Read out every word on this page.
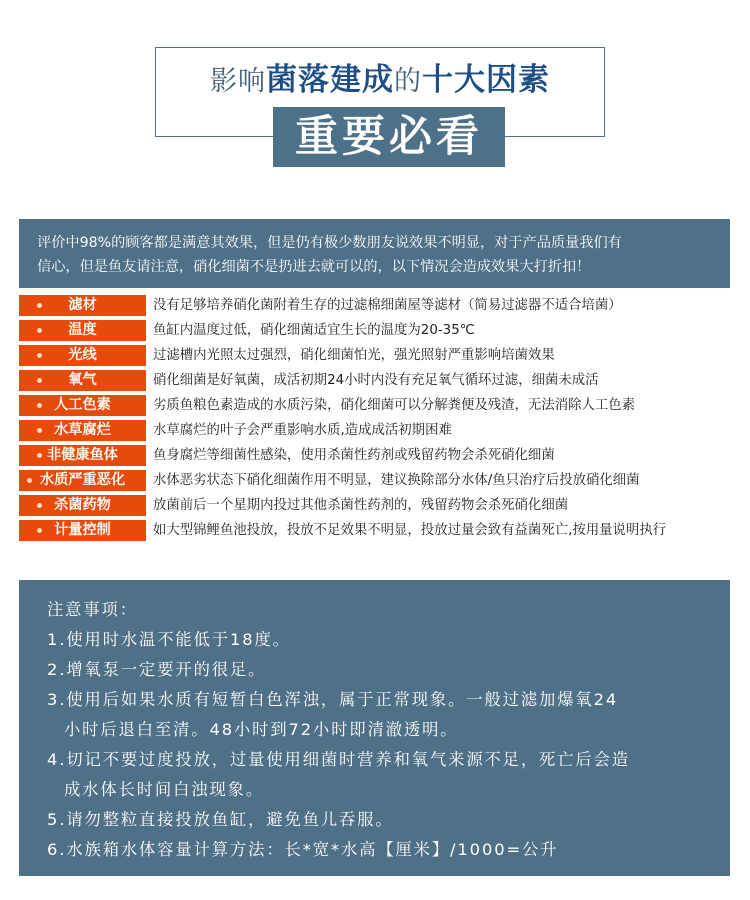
影响菌落建成的十大因素
重要必看
评价中98%的顾客都是满意其效果，但是仍有极少数朋友说效果不明显，对于产品质量我们有
信心，但是鱼友请注意，硝化细菌不是扔进去就可以的，以下情况会造成效果大打折扣！
滤材	没有足够培养硝化菌附着生存的过滤棉细菌屋等滤材（简易过滤器不适合培菌）
温度	鱼缸内温度过低，硝化细菌适宜生长的温度为20-35℃
光线	过滤槽内光照太过强烈，硝化细菌怕光，强光照射严重影响培菌效果
氧气	硝化细菌是好氧菌，成活初期24小时内没有充足氧气循环过滤，细菌未成活
人工色素	劣质鱼粮色素造成的水质污染，硝化细菌可以分解粪便及残渣，无法消除人工色素
水草腐烂	水草腐烂的叶子会严重影响水质,造成成活初期困难
非健康鱼体	鱼身腐烂等细菌性感染，使用杀菌性药剂或残留药物会杀死硝化细菌
水质严重恶化	水体恶劣状态下硝化细菌作用不明显，建议换除部分水体/鱼只治疗后投放硝化细菌
杀菌药物	放菌前后一个星期内投过其他杀菌性药剂的，残留药物会杀死硝化细菌
计量控制	如大型锦鲤鱼池投放，投放不足效果不明显，投放过量会致有益菌死亡,按用量说明执行
注意事项：
1.使用时水温不能低于18度。
2.增氧泵一定要开的很足。
3.使用后如果水质有短暂白色浑浊，属于正常现象。一般过滤加爆氧24
小时后退白至清。48小时到72小时即清澈透明。
4.切记不要过度投放，过量使用细菌时营养和氧气来源不足，死亡后会造
成水体长时间白浊现象。
5.请勿整粒直接投放鱼缸，避免鱼儿吞服。
6.水族箱水体容量计算方法：长*宽*水高【厘米】/1000=公升
